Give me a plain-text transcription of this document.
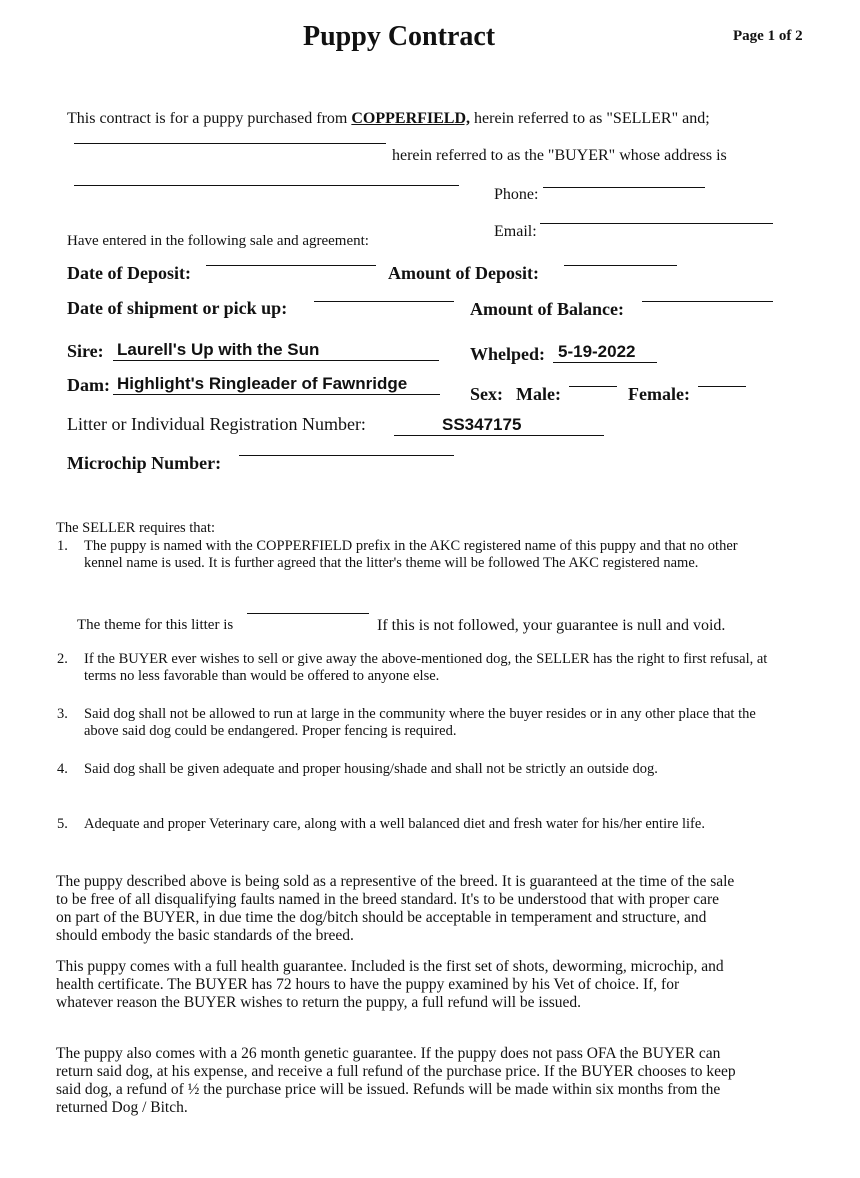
Puppy Contract	Page 1 of 2
This contract is for a puppy purchased from COPPERFIELD, herein referred to as "SELLER" and;
herein referred to as the "BUYER" whose address is
Phone:
Email:
Have entered in the following sale and agreement:
Date of Deposit:	Amount of Deposit:
Date of shipment or pick up:	Amount of Balance:
Sire: Laurell's Up with the Sun	Whelped: 5-19-2022
Dam: Highlight's Ringleader of Fawnridge
Sex: Male:	Female:
Litter or Individual Registration Number:	SS347175
Microchip Number:
The SELLER requires that:
1. The puppy is named with the COPPERFIELD prefix in the AKC registered name of this puppy and that no other kennel name is used. It is further agreed that the litter's theme will be followed The AKC registered name.
The theme for this litter is	If this is not followed, your guarantee is null and void.
2. If the BUYER ever wishes to sell or give away the above-mentioned dog, the SELLER has the right to first refusal, at terms no less favorable than would be offered to anyone else.
3. Said dog shall not be allowed to run at large in the community where the buyer resides or in any other place that the above said dog could be endangered. Proper fencing is required.
4. Said dog shall be given adequate and proper housing/shade and shall not be strictly an outside dog.
5. Adequate and proper Veterinary care, along with a well balanced diet and fresh water for his/her entire life.
The puppy described above is being sold as a representive of the breed. It is guaranteed at the time of the sale to be free of all disqualifying faults named in the breed standard. It's to be understood that with proper care on part of the BUYER, in due time the dog/bitch should be acceptable in temperament and structure, and should embody the basic standards of the breed.
This puppy comes with a full health guarantee. Included is the first set of shots, deworming, microchip, and health certificate. The BUYER has 72 hours to have the puppy examined by his Vet of choice. If, for whatever reason the BUYER wishes to return the puppy, a full refund will be issued.
The puppy also comes with a 26 month genetic guarantee. If the puppy does not pass OFA the BUYER can return said dog, at his expense, and receive a full refund of the purchase price. If the BUYER chooses to keep said dog, a refund of ½ the purchase price will be issued. Refunds will be made within six months from the returned Dog / Bitch.
